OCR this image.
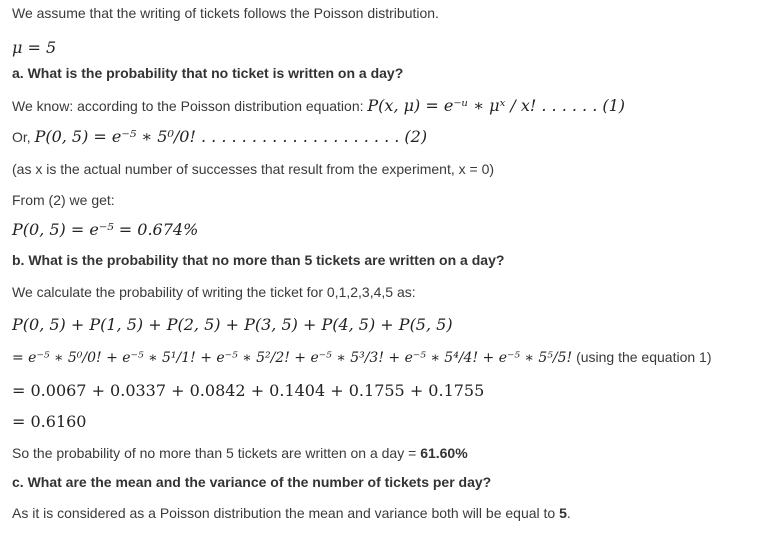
We assume that the writing of tickets follows the Poisson distribution.
μ = 5
a. What is the probability that no ticket is written on a day?
We know: according to the Poisson distribution equation: P(x, μ) = e⁻ᵘ ∗ μˣ / x! . . . . . . (1)
Or, P(0, 5) = e⁻⁵ ∗ 5⁰/0! . . . . . . . . . . . . . . . . . . . . (2)
(as x is the actual number of successes that result from the experiment, x = 0)
From (2) we get:
P(0, 5) = e⁻⁵ = 0.674%
b. What is the probability that no more than 5 tickets are written on a day?
We calculate the probability of writing the ticket for 0,1,2,3,4,5 as:
P(0, 5) + P(1, 5) + P(2, 5) + P(3, 5) + P(4, 5) + P(5, 5)
= e⁻⁵ ∗ 5⁰/0! + e⁻⁵ ∗ 5¹/1! + e⁻⁵ ∗ 5²/2! + e⁻⁵ ∗ 5³/3! + e⁻⁵ ∗ 5⁴/4! + e⁻⁵ ∗ 5⁵/5! (using the equation 1)
= 0.0067 + 0.0337 + 0.0842 + 0.1404 + 0.1755 + 0.1755
= 0.6160
So the probability of no more than 5 tickets are written on a day = 61.60%
c. What are the mean and the variance of the number of tickets per day?
As it is considered as a Poisson distribution the mean and variance both will be equal to 5.
